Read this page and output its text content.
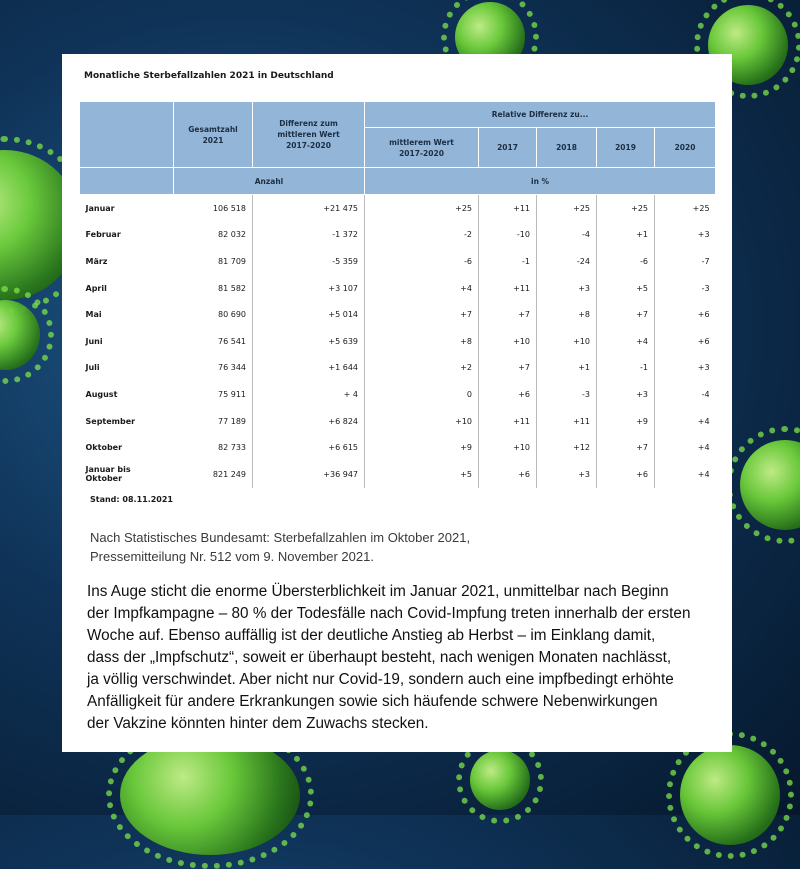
Monatliche Sterbefallzahlen 2021 in Deutschland
	Gesamtzahl 2021	Differenz zum mittleren Wert 2017-2020	Relative Differenz zu...				
			mittlerem Wert 2017-2020	2017	2018	2019	2020
	Anzahl		in %				
Januar	106 518	+21 475	+25	+11	+25	+25	+25
Februar	82 032	-1 372	-2	-10	-4	+1	+3
März	81 709	-5 359	-6	-1	-24	-6	-7
April	81 582	+3 107	+4	+11	+3	+5	-3
Mai	80 690	+5 014	+7	+7	+8	+7	+6
Juni	76 541	+5 639	+8	+10	+10	+4	+6
Juli	76 344	+1 644	+2	+7	+1	-1	+3
August	75 911	+ 4	0	+6	-3	+3	-4
September	77 189	+6 824	+10	+11	+11	+9	+4
Oktober	82 733	+6 615	+9	+10	+12	+7	+4
Januar bis Oktober	821 249	+36 947	+5	+6	+3	+6	+4
Stand: 08.11.2021
Nach Statistisches Bundesamt: Sterbefallzahlen im Oktober 2021,
Pressemitteilung Nr. 512 vom 9. November 2021.
Ins Auge sticht die enorme Übersterblichkeit im Januar 2021, unmittelbar nach Beginn
der Impfkampagne – 80 % der Todesfälle nach Covid-Impfung treten innerhalb der ersten
Woche auf. Ebenso auffällig ist der deutliche Anstieg ab Herbst – im Einklang damit,
dass der „Impfschutz“, soweit er überhaupt besteht, nach wenigen Monaten nachlässt,
ja völlig verschwindet. Aber nicht nur Covid-19, sondern auch eine impfbedingt erhöhte
Anfälligkeit für andere Erkrankungen sowie sich häufende schwere Nebenwirkungen
der Vakzine könnten hinter dem Zuwachs stecken.
